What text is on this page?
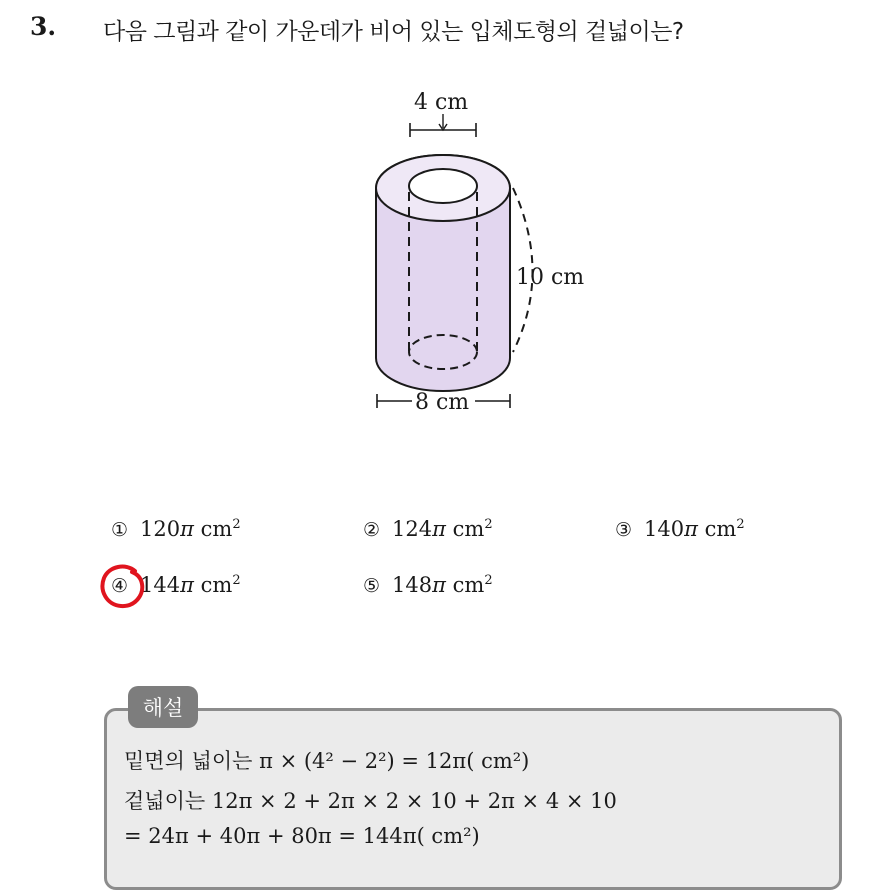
3. 다음 그림과 같이 가운데가 비어 있는 입체도형의 겉넓이는?
10 cm
4 cm
8 cm
① 120π $cm^2$	② 124π $cm^2$	③ 140π $cm^2$
④ 144π $cm^2$	⑤ 148π $cm^2$
해설
밑면의 넓이는 π × (4² − 2²) = 12π( cm²)
겉넓이는 12π × 2 + 2π × 2 × 10 + 2π × 4 × 10
= 24π + 40π + 80π = 144π( cm²)
